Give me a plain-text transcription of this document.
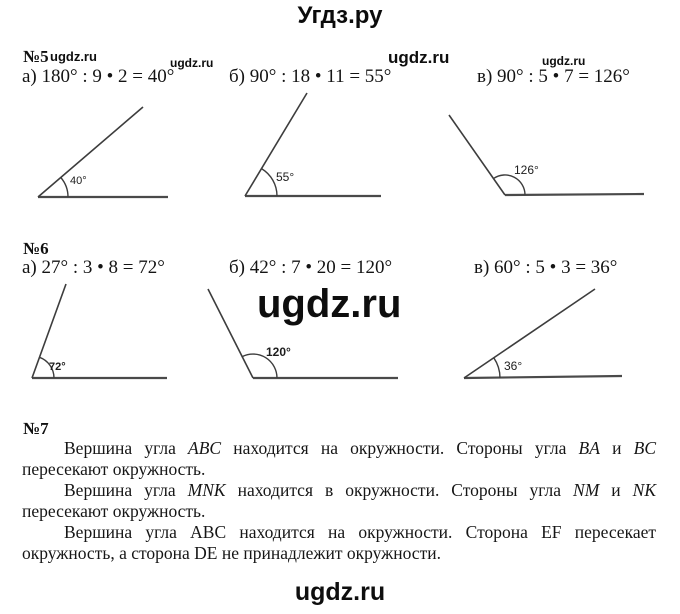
Угдз.ру
ugdz.ru	ugdz.ru	ugdz.ru	ugdz.ru
ugdz.ru
№5
а) 180° : 9 • 2 = 40°	б) 90° : 18 • 11 = 55°	в) 90° : 5 • 7 = 126°
№6
а) 27° : 3 • 8 = 72°	б) 42° : 7 • 20 = 120°	в) 60° : 5 • 3 = 36°
40°	55°	126°
72°
120°
36°
№7
Вершина угла ABC находится на окружности. Стороны угла BA и BC
пересекают окружность.
Вершина угла MNK находится в окружности. Стороны угла NM и NK
пересекают окружность.
Вершина угла АВС находится на окружности. Сторона EF пересекает
окружность, а сторона DE не принадлежит окружности.
ugdz.ru
